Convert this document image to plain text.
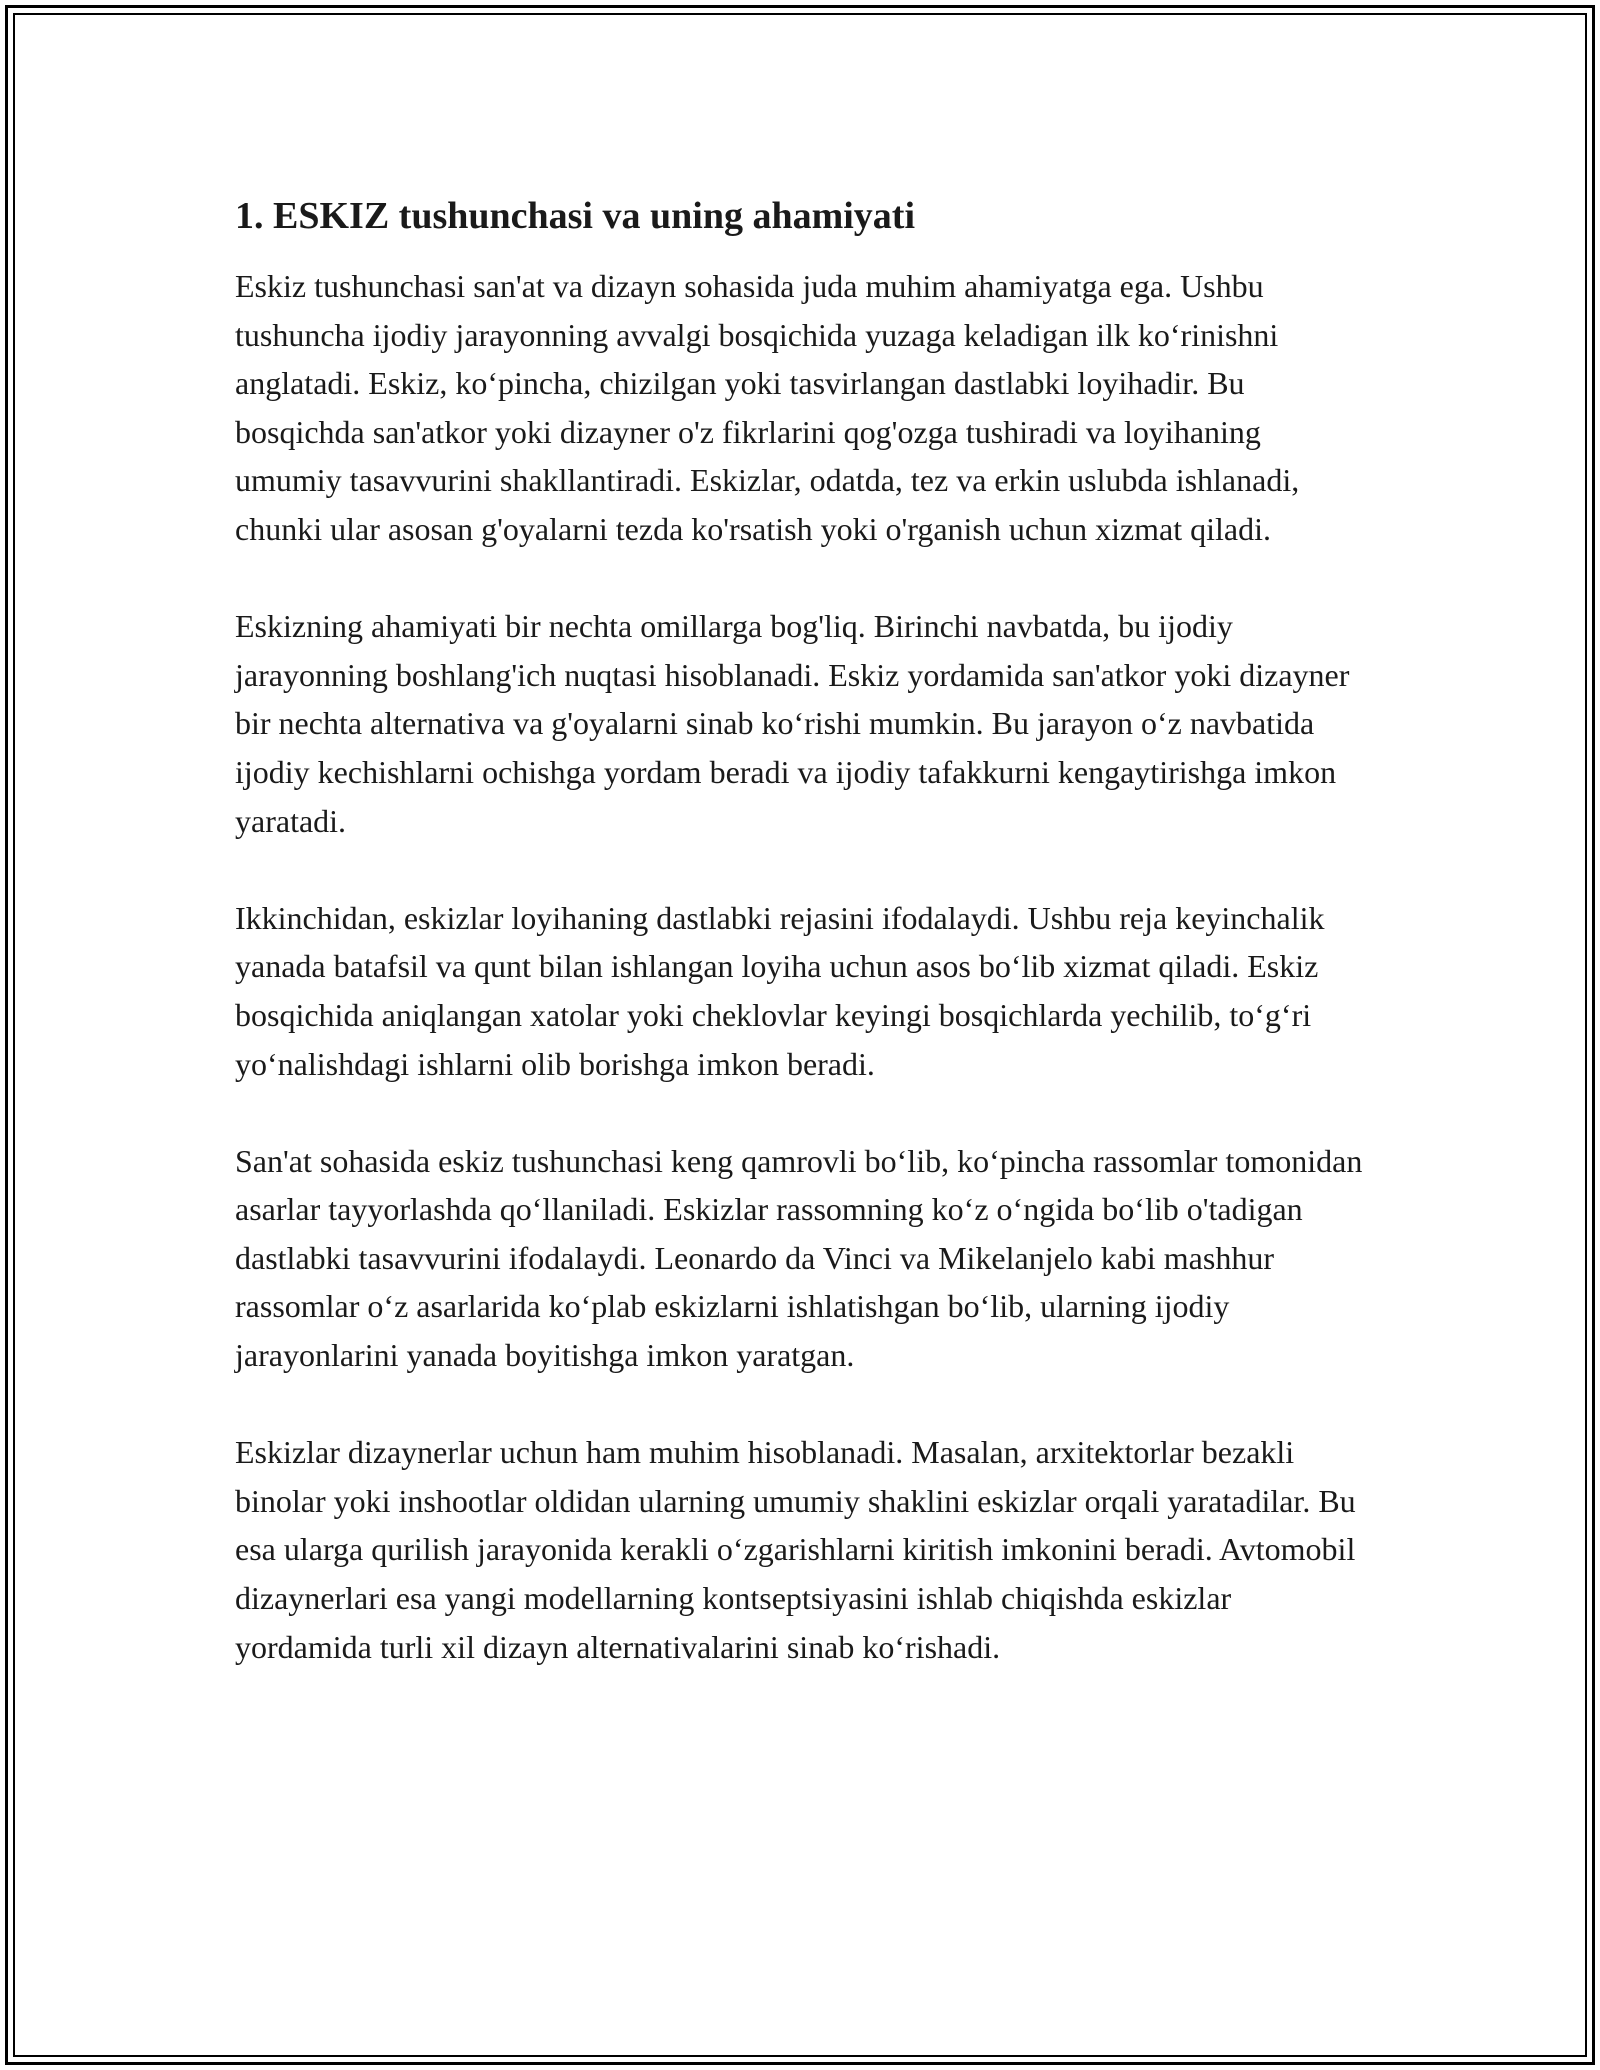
1. ESKIZ tushunchasi va uning ahamiyati

Eskiz tushunchasi san'at va dizayn sohasida juda muhim ahamiyatga ega. Ushbu tushuncha ijodiy jarayonning avvalgi bosqichida yuzaga keladigan ilk ko‘rinishni anglatadi. Eskiz, ko‘pincha, chizilgan yoki tasvirlangan dastlabki loyihadir. Bu bosqichda san'atkor yoki dizayner o'z fikrlarini qog'ozga tushiradi va loyihaning umumiy tasavvurini shakllantiradi. Eskizlar, odatda, tez va erkin uslubda ishlanadi, chunki ular asosan g'oyalarni tezda ko'rsatish yoki o'rganish uchun xizmat qiladi.

Eskizning ahamiyati bir nechta omillarga bog'liq. Birinchi navbatda, bu ijodiy jarayonning boshlang'ich nuqtasi hisoblanadi. Eskiz yordamida san'atkor yoki dizayner bir nechta alternativa va g'oyalarni sinab ko‘rishi mumkin. Bu jarayon o‘z navbatida ijodiy kechishlarni ochishga yordam beradi va ijodiy tafakkurni kengaytirishga imkon yaratadi.

Ikkinchidan, eskizlar loyihaning dastlabki rejasini ifodalaydi. Ushbu reja keyinchalik yanada batafsil va qunt bilan ishlangan loyiha uchun asos bo‘lib xizmat qiladi. Eskiz bosqichida aniqlangan xatolar yoki cheklovlar keyingi bosqichlarda yechilib, to‘g‘ri yo‘nalishdagi ishlarni olib borishga imkon beradi.

San'at sohasida eskiz tushunchasi keng qamrovli bo‘lib, ko‘pincha rassomlar tomonidan asarlar tayyorlashda qo‘llaniladi. Eskizlar rassomning ko‘z o‘ngida bo‘lib o'tadigan dastlabki tasavvurini ifodalaydi. Leonardo da Vinci va Mikelanjelo kabi mashhur rassomlar o‘z asarlarida ko‘plab eskizlarni ishlatishgan bo‘lib, ularning ijodiy jarayonlarini yanada boyitishga imkon yaratgan.

Eskizlar dizaynerlar uchun ham muhim hisoblanadi. Masalan, arxitektorlar bezakli binolar yoki inshootlar oldidan ularning umumiy shaklini eskizlar orqali yaratadilar. Bu esa ularga qurilish jarayonida kerakli o‘zgarishlarni kiritish imkonini beradi. Avtomobil dizaynerlari esa yangi modellarning kontseptsiyasini ishlab chiqishda eskizlar yordamida turli xil dizayn alternativalarini sinab ko‘rishadi.
